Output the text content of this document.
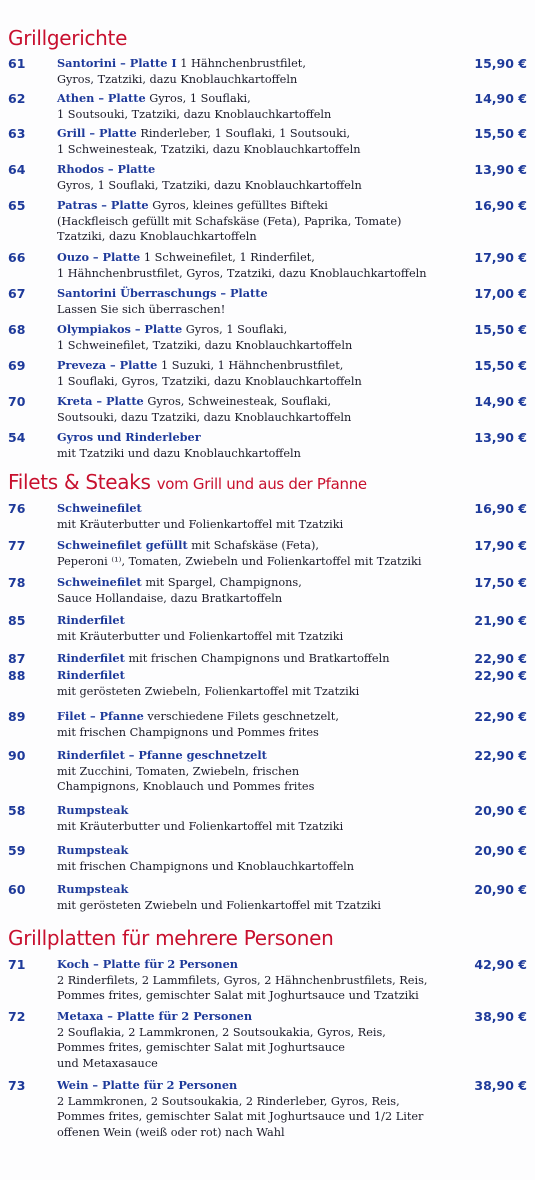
Grillgerichte
61	Santorini – Platte I 1 Hähnchenbrustfilet,
Gyros, Tzatziki, dazu Knoblauchkartoffeln
15,90 €
62	Athen – Platte Gyros, 1 Souflaki,
1 Soutsouki, Tzatziki, dazu Knoblauchkartoffeln
14,90 €
63	Grill – Platte Rinderleber, 1 Souflaki, 1 Soutsouki,
1 Schweinesteak, Tzatziki, dazu Knoblauchkartoffeln
15,50 €
64	Rhodos – Platte
Gyros, 1 Souflaki, Tzatziki, dazu Knoblauchkartoffeln
13,90 €
65	Patras – Platte Gyros, kleines gefülltes Bifteki
(Hackfleisch gefüllt mit Schafskäse (Feta), Paprika, Tomate)
Tzatziki, dazu Knoblauchkartoffeln
16,90 €
66	Ouzo – Platte 1 Schweinefilet, 1 Rinderfilet,
1 Hähnchenbrustfilet, Gyros, Tzatziki, dazu Knoblauchkartoffeln
17,90 €
67	Santorini Überraschungs – Platte
Lassen Sie sich überraschen!
17,00 €
68	Olympiakos – Platte Gyros, 1 Souflaki,
1 Schweinefilet, Tzatziki, dazu Knoblauchkartoffeln
15,50 €
69	Preveza – Platte 1 Suzuki, 1 Hähnchenbrustfilet,
1 Souflaki, Gyros, Tzatziki, dazu Knoblauchkartoffeln
15,50 €
70	Kreta – Platte Gyros, Schweinesteak, Souflaki,
Soutsouki, dazu Tzatziki, dazu Knoblauchkartoffeln
14,90 €
54	Gyros und Rinderleber
mit Tzatziki und dazu Knoblauchkartoffeln
13,90 €
Filets & Steaks vom Grill und aus der Pfanne
76	Schweinefilet
mit Kräuterbutter und Folienkartoffel mit Tzatziki
16,90 €
77	Schweinefilet gefüllt mit Schafskäse (Feta),
Peperoni ⁽¹⁾, Tomaten, Zwiebeln und Folienkartoffel mit Tzatziki
17,90 €
78	Schweinefilet mit Spargel, Champignons,
Sauce Hollandaise, dazu Bratkartoffeln
17,50 €
85	Rinderfilet
mit Kräuterbutter und Folienkartoffel mit Tzatziki
21,90 €
87	Rinderfilet mit frischen Champignons und Bratkartoffeln	22,90 €
88	Rinderfilet
mit gerösteten Zwiebeln, Folienkartoffel mit Tzatziki
22,90 €
89	Filet – Pfanne verschiedene Filets geschnetzelt,
mit frischen Champignons und Pommes frites
22,90 €
90	Rinderfilet – Pfanne geschnetzelt
mit Zucchini, Tomaten, Zwiebeln, frischen
Champignons, Knoblauch und Pommes frites
22,90 €
58	Rumpsteak
mit Kräuterbutter und Folienkartoffel mit Tzatziki
20,90 €
59	Rumpsteak
mit frischen Champignons und Knoblauchkartoffeln
20,90 €
60	Rumpsteak
mit gerösteten Zwiebeln und Folienkartoffel mit Tzatziki
20,90 €
Grillplatten für mehrere Personen
71	Koch – Platte für 2 Personen
2 Rinderfilets, 2 Lammfilets, Gyros, 2 Hähnchenbrustfilets, Reis,
Pommes frites, gemischter Salat mit Joghurtsauce und Tzatziki
42,90 €
72	Metaxa – Platte für 2 Personen
2 Souflakia, 2 Lammkronen, 2 Soutsoukakia, Gyros, Reis,
Pommes frites, gemischter Salat mit Joghurtsauce
und Metaxasauce
38,90 €
73	Wein – Platte für 2 Personen
2 Lammkronen, 2 Soutsoukakia, 2 Rinderleber, Gyros, Reis,
Pommes frites, gemischter Salat mit Joghurtsauce und 1/2 Liter
offenen Wein (weiß oder rot) nach Wahl
38,90 €
